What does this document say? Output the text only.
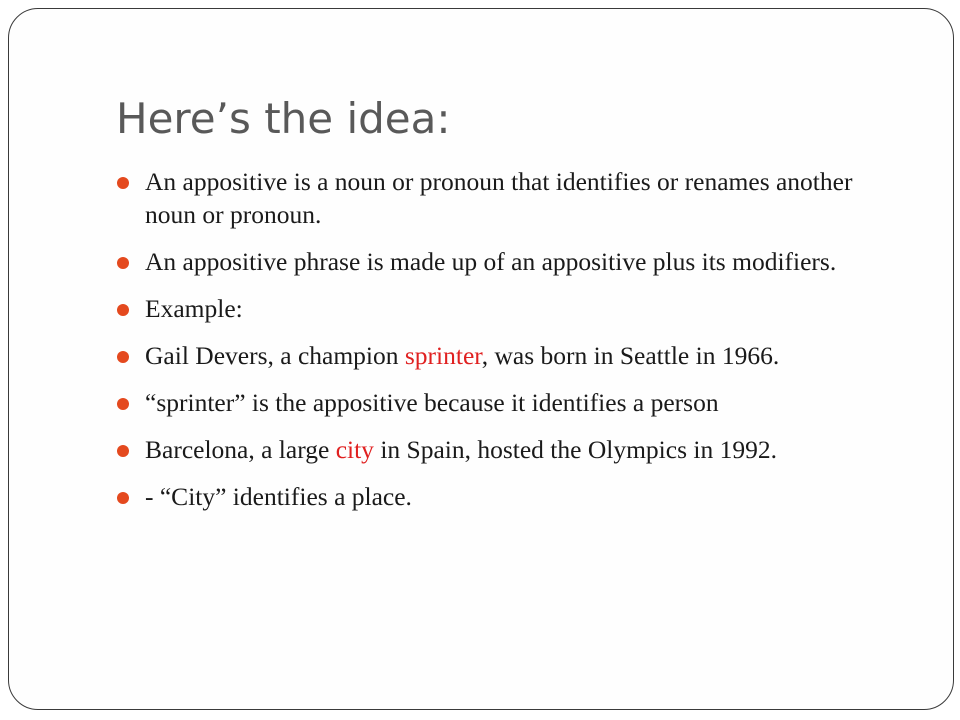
Here’s the idea:
An appositive is a noun or pronoun that identifies or renames another noun or pronoun.
An appositive phrase is made up of an appositive plus its modifiers.
Example:
Gail Devers, a champion sprinter, was born in Seattle in 1966.
“sprinter” is the appositive because it identifies a person
Barcelona, a large city in Spain, hosted the Olympics in 1992.
- “City” identifies a place.
